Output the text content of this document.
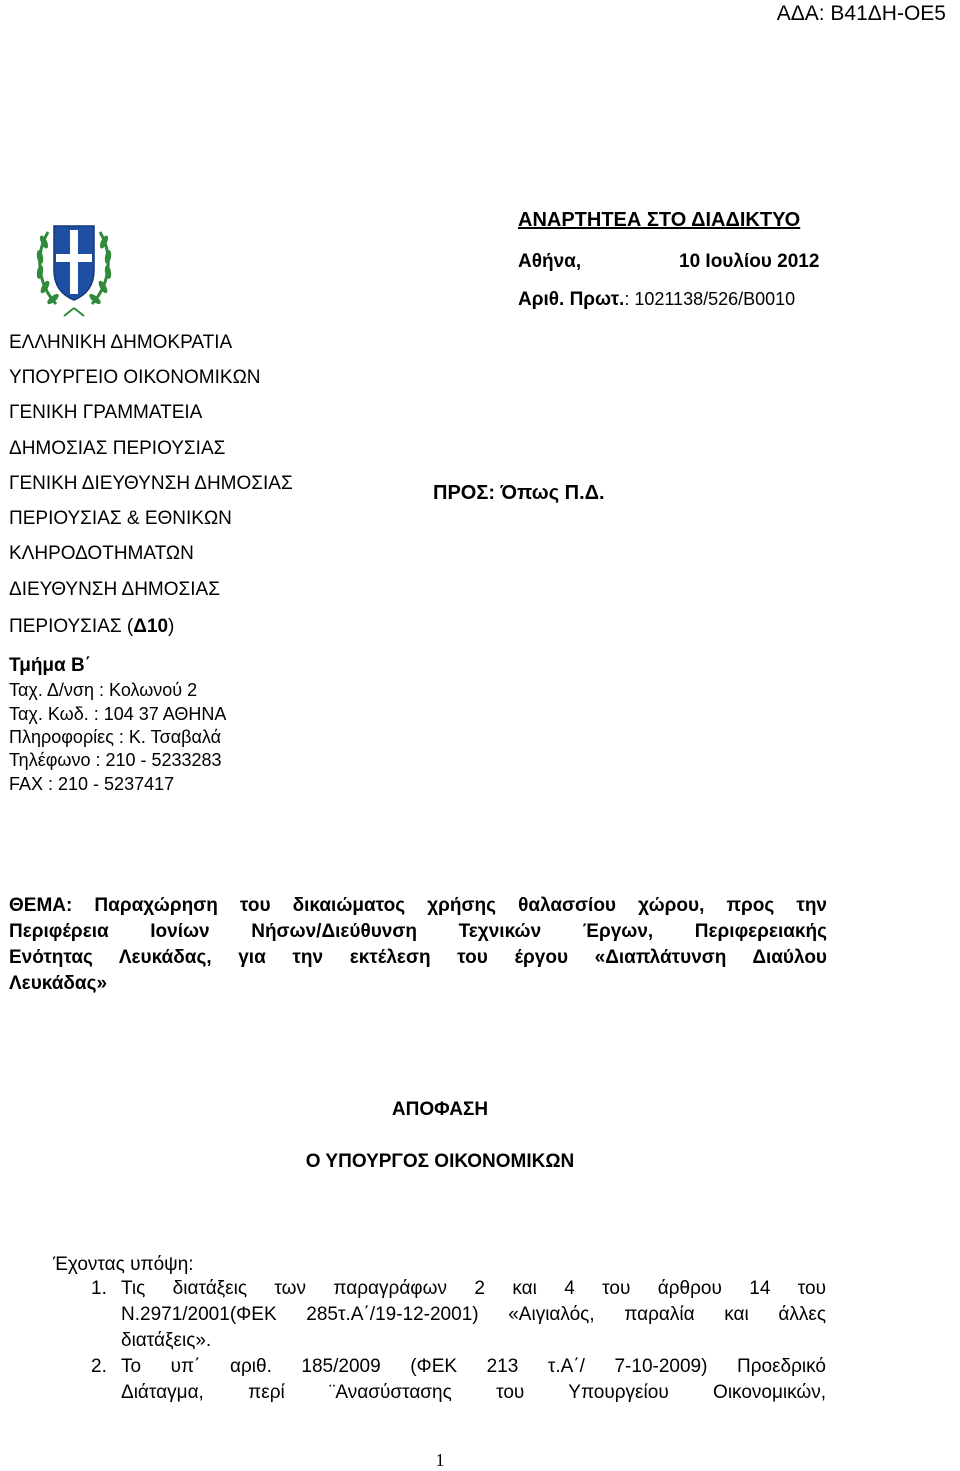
ΑΔΑ: Β41ΔΗ-ΟΕ5
ΑΝΑΡΤΗΤΕΑ ΣΤΟ ΔΙΑΔΙΚΤΥΟ
Αθήνα,	10 Ιουλίου 2012
Αριθ. Πρωτ.: 1021138/526/Β0010
ΕΛΛΗΝΙΚΗ ΔΗΜΟΚΡΑΤΙΑ
ΥΠΟΥΡΓΕΙΟ ΟΙΚΟΝΟΜΙΚΩΝ
ΓΕΝΙΚΗ ΓΡΑΜΜΑΤΕΙΑ
ΔΗΜΟΣΙΑΣ ΠΕΡΙΟΥΣΙΑΣ
ΓΕΝΙΚΗ ΔΙΕΥΘΥΝΣΗ ΔΗΜΟΣΙΑΣ
ΠΕΡΙΟΥΣΙΑΣ & ΕΘΝΙΚΩΝ
ΚΛΗΡΟΔΟΤΗΜΑΤΩΝ
ΔΙΕΥΘΥΝΣΗ ΔΗΜΟΣΙΑΣ
ΠΕΡΙΟΥΣΙΑΣ (Δ10)
Τμήμα Β΄
Ταχ. Δ/νση : Κολωνού 2
Ταχ. Κωδ. : 104 37 ΑΘΗΝΑ
Πληροφορίες : Κ. Τσαβαλά
Τηλέφωνο : 210 - 5233283
FAX : 210 - 5237417
ΠΡΟΣ: Όπως Π.Δ.
ΘΕΜΑ: Παραχώρηση του δικαιώματος χρήσης θαλασσίου χώρου, προς την
Περιφέρεια Ιονίων Νήσων/Διεύθυνση Τεχνικών Έργων, Περιφερειακής
Ενότητας Λευκάδας, για την εκτέλεση του έργου «Διαπλάτυνση Διαύλου
Λευκάδας»
ΑΠΟΦΑΣΗ
Ο ΥΠΟΥΡΓΟΣ ΟΙΚΟΝΟΜΙΚΩΝ
Έχοντας υπόψη:
1. Τις διατάξεις των παραγράφων 2 και 4 του άρθρου 14 του
Ν.2971/2001(ΦΕΚ 285τ.Α΄/19-12-2001) «Αιγιαλός, παραλία και άλλες
διατάξεις».
2. Το υπ΄ αριθ. 185/2009 (ΦΕΚ 213 τ.Α΄/ 7-10-2009) Προεδρικό
Διάταγμα, περί ¨Ανασύστασης του Υπουργείου Οικονομικών,
1
